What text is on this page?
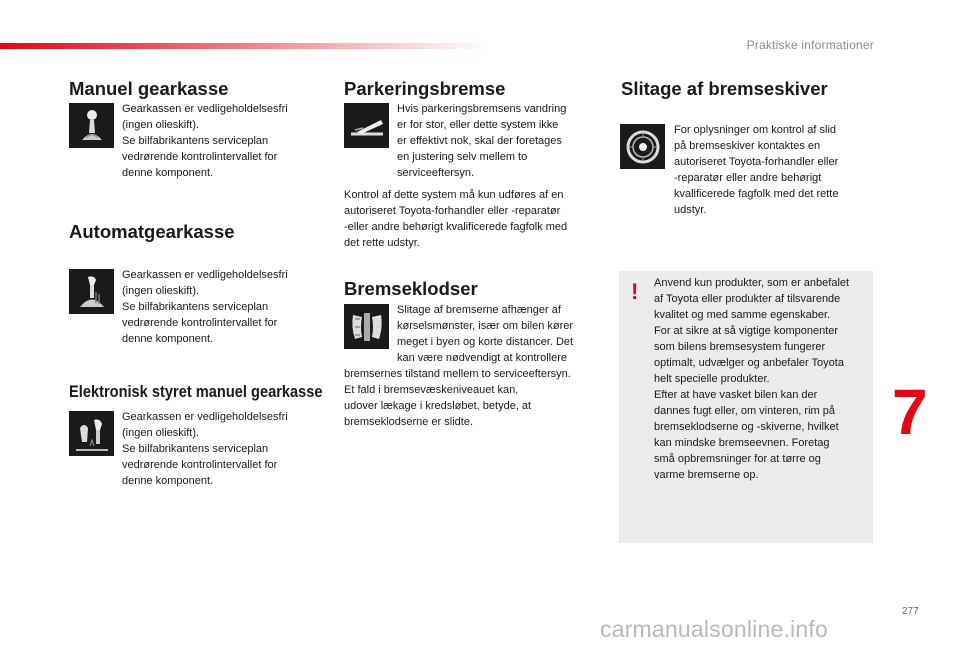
Praktiske informationer
Manuel gearkasse
Gearkassen er vedligeholdelsesfri
(ingen olieskift).
Se bilfabrikantens serviceplan
vedrørende kontrolintervallet for
denne komponent.
Automatgearkasse
Gearkassen er vedligeholdelsesfri
(ingen olieskift).
Se bilfabrikantens serviceplan
vedrørende kontrolintervallet for
denne komponent.
Elektronisk styret manuel gearkasse
Gearkassen er vedligeholdelsesfri
(ingen olieskift).
Se bilfabrikantens serviceplan
vedrørende kontrolintervallet for
denne komponent.
Parkeringsbremse
Hvis parkeringsbremsens vandring
er for stor, eller dette system ikke
er effektivt nok, skal der foretages
en justering selv mellem to
serviceeftersyn.
Kontrol af dette system må kun udføres af en
autoriseret Toyota-forhandler eller -reparatør
-eller andre behørigt kvalificerede fagfolk med
det rette udstyr.
Bremseklodser
Slitage af bremserne afhænger af
kørselsmønster, især om bilen kører
meget i byen og korte distancer. Det
kan være nødvendigt at kontrollere
bremsernes tilstand mellem to serviceeftersyn.
Et fald i bremsevæskeniveauet kan,
udover lækage i kredsløbet, betyde, at
bremseklodserne er slidte.
Slitage af bremseskiver
For oplysninger om kontrol af slid
på bremseskiver kontaktes en
autoriseret Toyota-forhandler eller
-reparatør eller andre behørigt
kvalificerede fagfolk med det rette
udstyr.
! Anvend kun produkter, som er anbefalet
af Toyota eller produkter af tilsvarende
kvalitet og med samme egenskaber.
For at sikre at så vigtige komponenter
som bilens bremsesystem fungerer
optimalt, udvælger og anbefaler Toyota
helt specielle produkter.
Efter at have vasket bilen kan der
dannes fugt eller, om vinteren, rim på
bremseklodserne og -skiverne, hvilket
kan mindske bremseevnen. Foretag
små opbremsninger for at tørre og
varme bremserne op.
7
277
carmanualsonline.info
